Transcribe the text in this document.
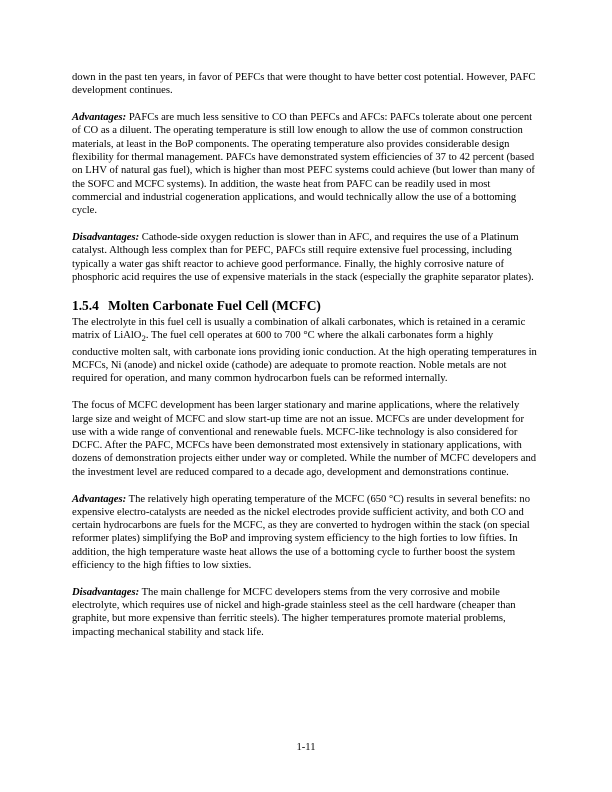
down in the past ten years, in favor of PEFCs that were thought to have better cost potential. However, PAFC development continues.

Advantages: PAFCs are much less sensitive to CO than PEFCs and AFCs: PAFCs tolerate about one percent of CO as a diluent. The operating temperature is still low enough to allow the use of common construction materials, at least in the BoP components. The operating temperature also provides considerable design flexibility for thermal management. PAFCs have demonstrated system efficiencies of 37 to 42 percent (based on LHV of natural gas fuel), which is higher than most PEFC systems could achieve (but lower than many of the SOFC and MCFC systems). In addition, the waste heat from PAFC can be readily used in most commercial and industrial cogeneration applications, and would technically allow the use of a bottoming cycle.

Disadvantages: Cathode-side oxygen reduction is slower than in AFC, and requires the use of a Platinum catalyst. Although less complex than for PEFC, PAFCs still require extensive fuel processing, including typically a water gas shift reactor to achieve good performance. Finally, the highly corrosive nature of phosphoric acid requires the use of expensive materials in the stack (especially the graphite separator plates).

1.5.4 Molten Carbonate Fuel Cell (MCFC)

The electrolyte in this fuel cell is usually a combination of alkali carbonates, which is retained in a ceramic matrix of LiAlO$_2$. The fuel cell operates at 600 to 700 °C where the alkali carbonates form a highly conductive molten salt, with carbonate ions providing ionic conduction. At the high operating temperatures in MCFCs, Ni (anode) and nickel oxide (cathode) are adequate to promote reaction. Noble metals are not required for operation, and many common hydrocarbon fuels can be reformed internally.

The focus of MCFC development has been larger stationary and marine applications, where the relatively large size and weight of MCFC and slow start-up time are not an issue. MCFCs are under development for use with a wide range of conventional and renewable fuels. MCFC-like technology is also considered for DCFC. After the PAFC, MCFCs have been demonstrated most extensively in stationary applications, with dozens of demonstration projects either under way or completed. While the number of MCFC developers and the investment level are reduced compared to a decade ago, development and demonstrations continue.

Advantages: The relatively high operating temperature of the MCFC (650 °C) results in several benefits: no expensive electro-catalysts are needed as the nickel electrodes provide sufficient activity, and both CO and certain hydrocarbons are fuels for the MCFC, as they are converted to hydrogen within the stack (on special reformer plates) simplifying the BoP and improving system efficiency to the high forties to low fifties. In addition, the high temperature waste heat allows the use of a bottoming cycle to further boost the system efficiency to the high fifties to low sixties.

Disadvantages: The main challenge for MCFC developers stems from the very corrosive and mobile electrolyte, which requires use of nickel and high-grade stainless steel as the cell hardware (cheaper than graphite, but more expensive than ferritic steels). The higher temperatures promote material problems, impacting mechanical stability and stack life.

1-11
